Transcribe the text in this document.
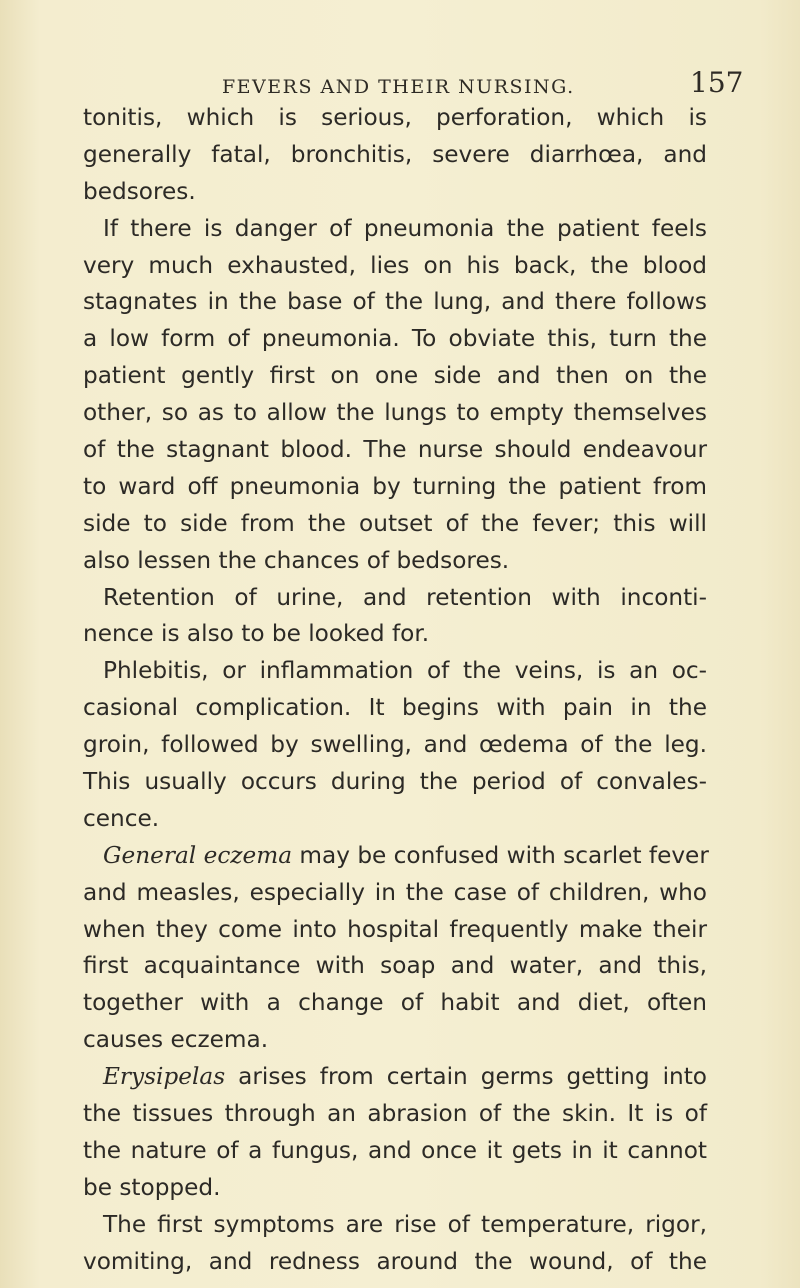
FEVERS AND THEIR NURSING.	157
tonitis, which is serious, perforation, which is
generally fatal, bronchitis, severe diarrhœa, and
bedsores.
If there is danger of pneumonia the patient feels
very much exhausted, lies on his back, the blood
stagnates in the base of the lung, and there follows
a low form of pneumonia. To obviate this, turn the
patient gently first on one side and then on the
other, so as to allow the lungs to empty themselves
of the stagnant blood. The nurse should endeavour
to ward off pneumonia by turning the patient from
side to side from the outset of the fever; this will
also lessen the chances of bedsores.
Retention of urine, and retention with inconti-
nence is also to be looked for.
Phlebitis, or inflammation of the veins, is an oc-
casional complication. It begins with pain in the
groin, followed by swelling, and œdema of the leg.
This usually occurs during the period of convales-
cence.
General eczema may be confused with scarlet fever
and measles, especially in the case of children, who
when they come into hospital frequently make their
first acquaintance with soap and water, and this,
together with a change of habit and diet, often
causes eczema.
Erysipelas arises from certain germs getting into
the tissues through an abrasion of the skin. It is of
the nature of a fungus, and once it gets in it cannot
be stopped.
The first symptoms are rise of temperature, rigor,
vomiting, and redness around the wound, of the
